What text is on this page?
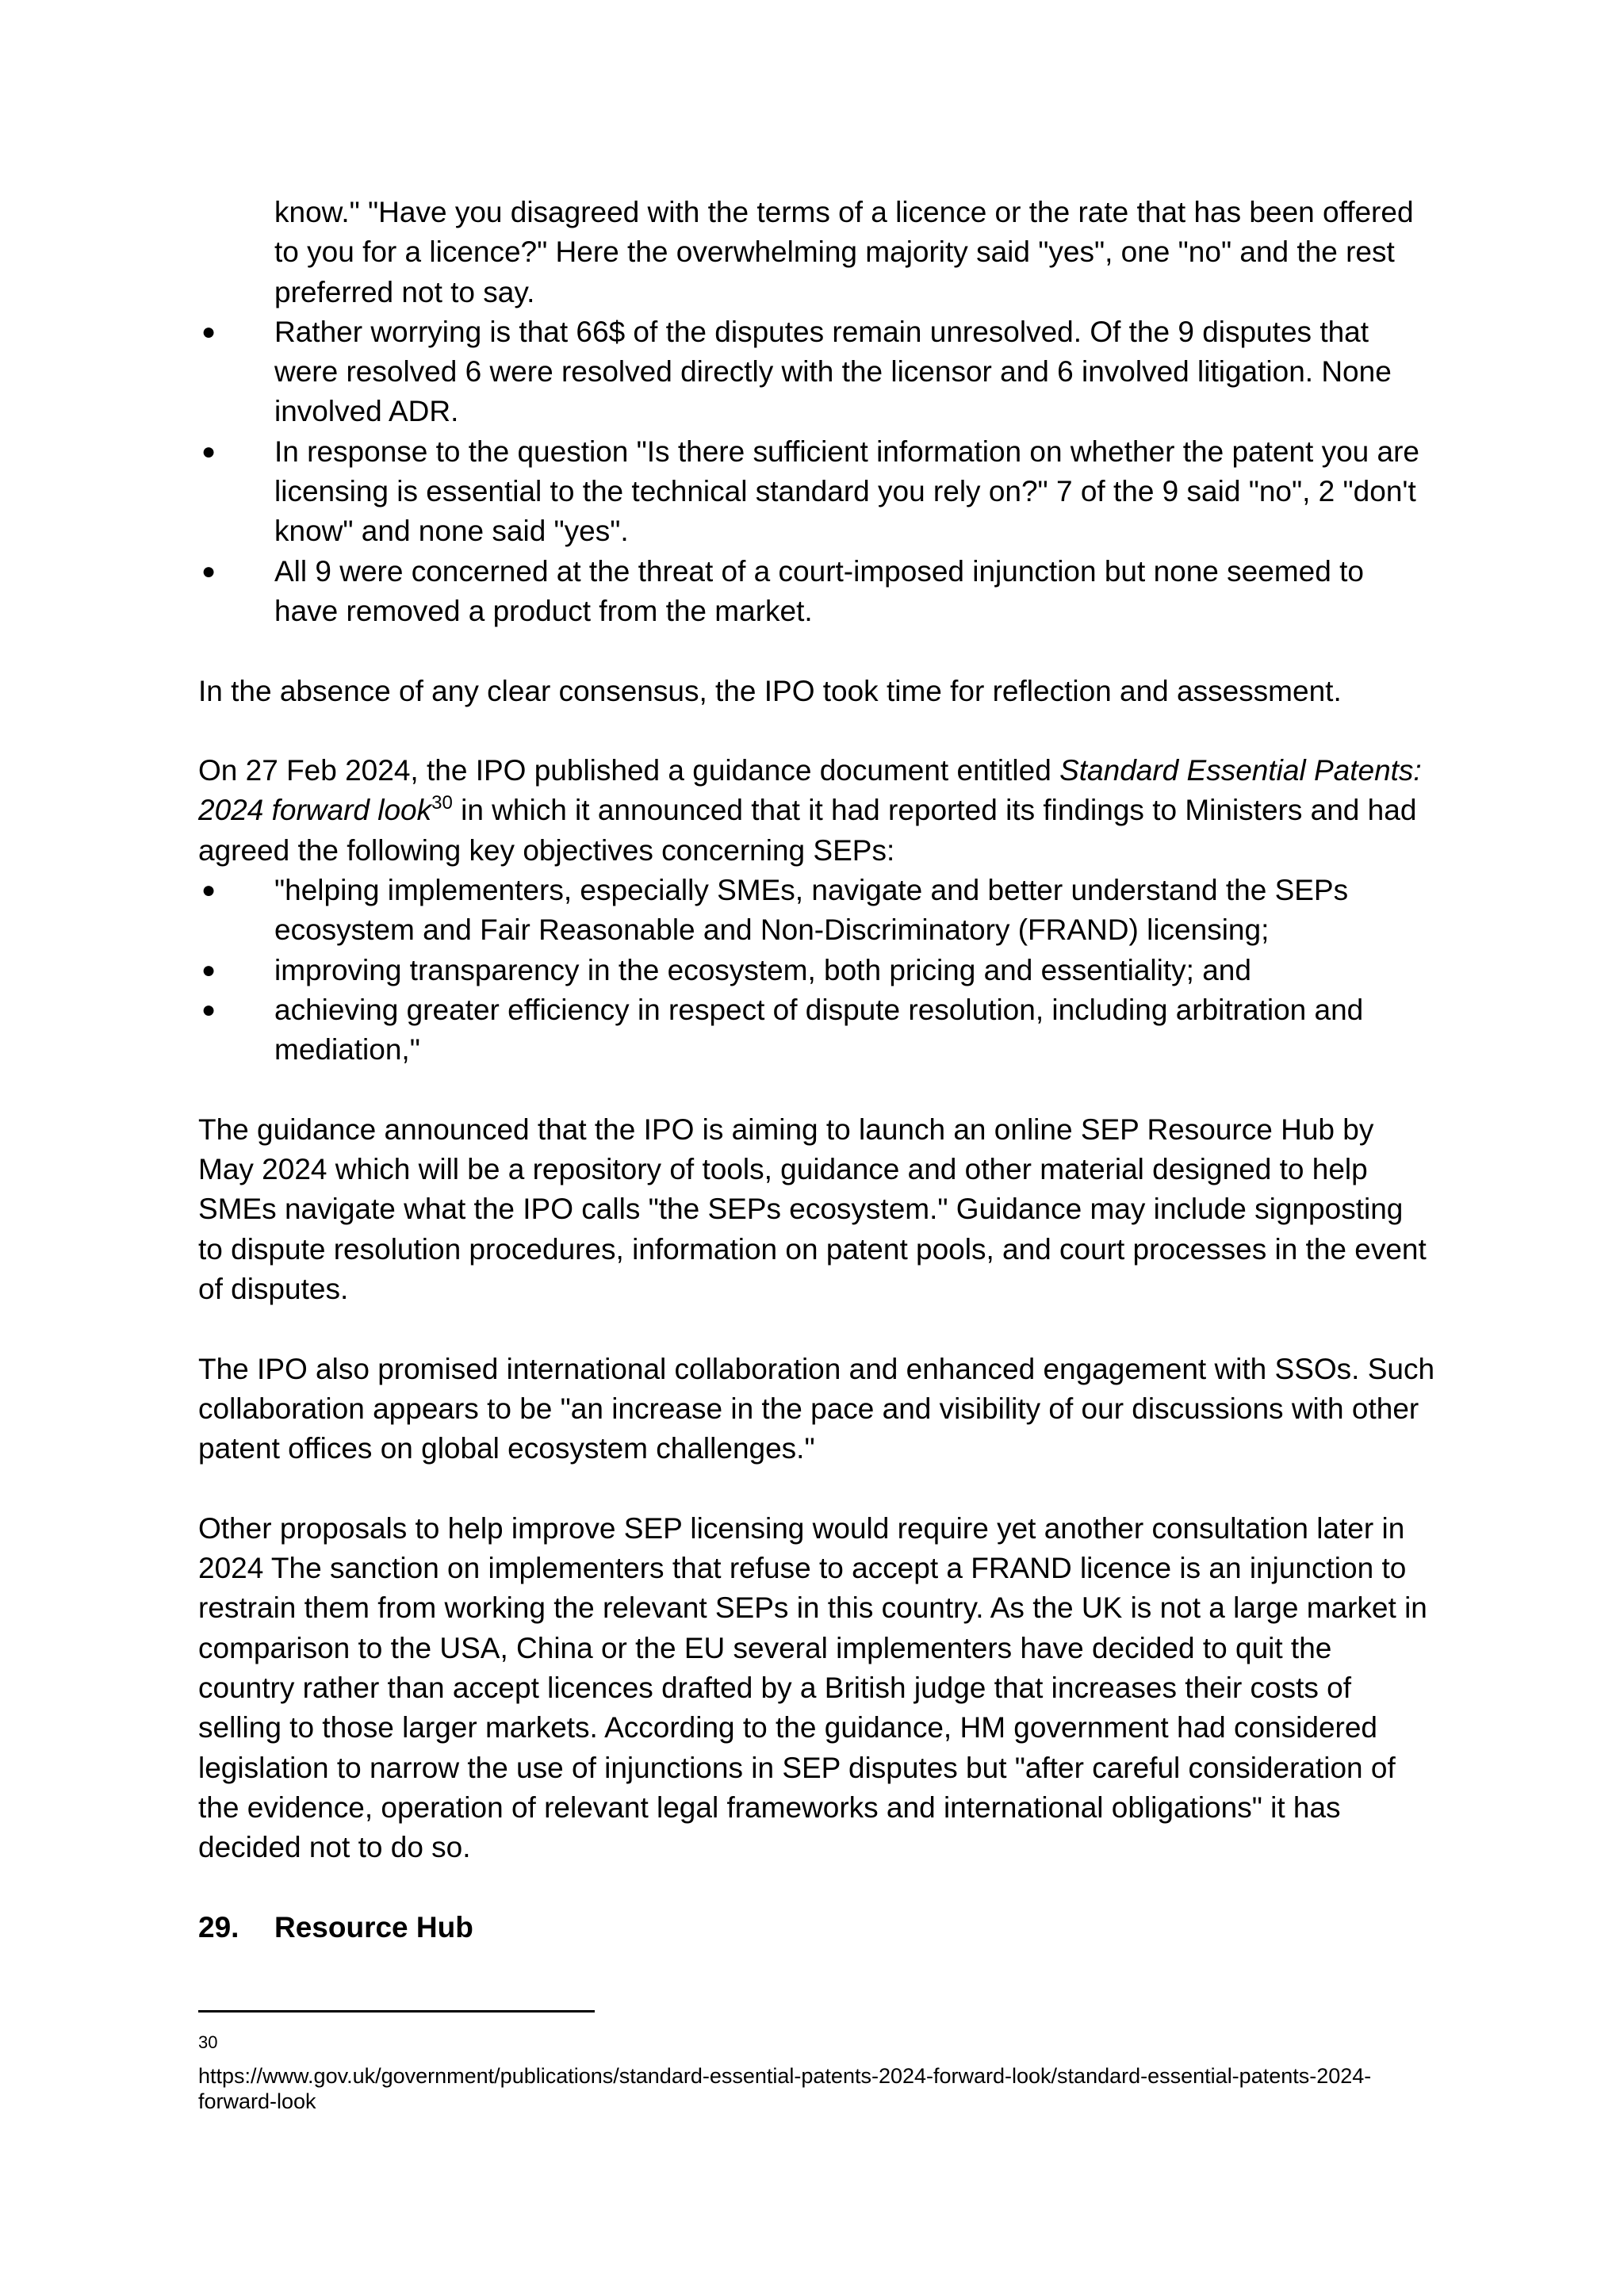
know." "Have you disagreed with the terms of a licence or the rate that has been offered to you for a licence?" Here the overwhelming majority said "yes", one "no" and the rest preferred not to say.

● Rather worrying is that 66$ of the disputes remain unresolved. Of the 9 disputes that were resolved 6 were resolved directly with the licensor and 6 involved litigation. None involved ADR.
● In response to the question "Is there sufficient information on whether the patent you are licensing is essential to the technical standard you rely on?" 7 of the 9 said "no", 2 "don't know" and none said "yes".
● All 9 were concerned at the threat of a court-imposed injunction but none seemed to have removed a product from the market.

In the absence of any clear consensus, the IPO took time for reflection and assessment.

On 27 Feb 2024, the IPO published a guidance document entitled Standard Essential Patents: 2024 forward look$^{30}$ in which it announced that it had reported its findings to Ministers and had agreed the following key objectives concerning SEPs:

● "helping implementers, especially SMEs, navigate and better understand the SEPs ecosystem and Fair Reasonable and Non-Discriminatory (FRAND) licensing;
● improving transparency in the ecosystem, both pricing and essentiality; and
● achieving greater efficiency in respect of dispute resolution, including arbitration and mediation,"

The guidance announced that the IPO is aiming to launch an online SEP Resource Hub by May 2024 which will be a repository of tools, guidance and other material designed to help SMEs navigate what the IPO calls "the SEPs ecosystem." Guidance may include signposting to dispute resolution procedures, information on patent pools, and court processes in the event of disputes.

The IPO also promised international collaboration and enhanced engagement with SSOs. Such collaboration appears to be "an increase in the pace and visibility of our discussions with other patent offices on global ecosystem challenges."

Other proposals to help improve SEP licensing would require yet another consultation later in 2024 The sanction on implementers that refuse to accept a FRAND licence is an injunction to restrain them from working the relevant SEPs in this country. As the UK is not a large market in comparison to the USA, China or the EU several implementers have decided to quit the country rather than accept licences drafted by a British judge that increases their costs of selling to those larger markets. According to the guidance, HM government had considered legislation to narrow the use of injunctions in SEP disputes but "after careful consideration of the evidence, operation of relevant legal frameworks and international obligations" it has decided not to do so.

29. Resource Hub

30
https://www.gov.uk/government/publications/standard-essential-patents-2024-forward-look/standard-essential-patents-2024-forward-look
